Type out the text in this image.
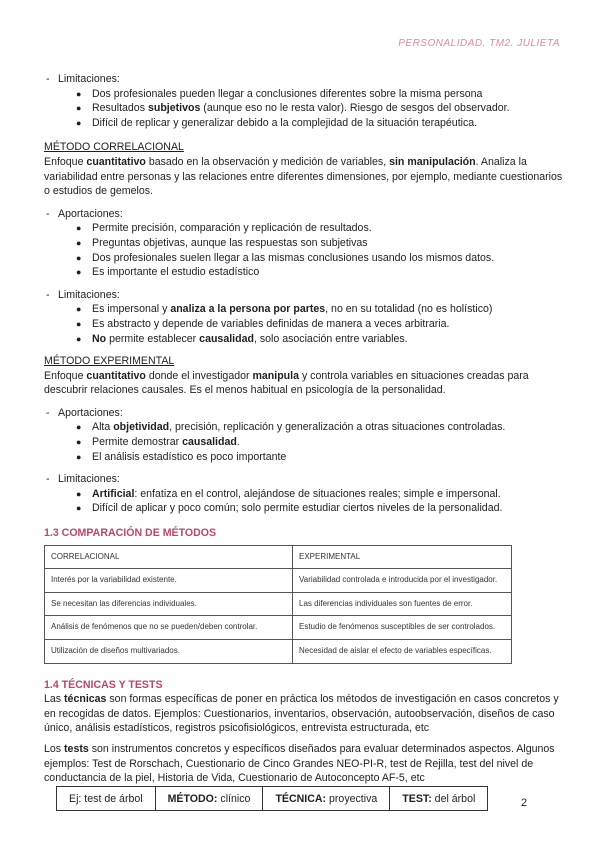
PERSONALIDAD. TM2. JULIETA
- Limitaciones:
● Dos profesionales pueden llegar a conclusiones diferentes sobre la misma persona
● Resultados subjetivos (aunque eso no le resta valor). Riesgo de sesgos del observador.
● Difícil de replicar y generalizar debido a la complejidad de la situación terapéutica.
MÉTODO CORRELACIONAL

Enfoque cuantitativo basado en la observación y medición de variables, sin manipulación. Analiza la variabilidad entre personas y las relaciones entre diferentes dimensiones, por ejemplo, mediante cuestionarios o estudios de gemelos.

- Aportaciones:
● Permite precisión, comparación y replicación de resultados.
● Preguntas objetivas, aunque las respuestas son subjetivas
● Dos profesionales suelen llegar a las mismas conclusiones usando los mismos datos.
● Es importante el estudio estadístico
- Limitaciones:
● Es impersonal y analiza a la persona por partes, no en su totalidad (no es holístico)
● Es abstracto y depende de variables definidas de manera a veces arbitraria.
● No permite establecer causalidad, solo asociación entre variables.
MÉTODO EXPERIMENTAL

Enfoque cuantitativo donde el investigador manipula y controla variables en situaciones creadas para descubrir relaciones causales. Es el menos habitual en psicología de la personalidad.

- Aportaciones:
● Alta objetividad, precisión, replicación y generalización a otras situaciones controladas.
● Permite demostrar causalidad.
● El análisis estadístico es poco importante
- Limitaciones:
● Artificial: enfatiza en el control, alejándose de situaciones reales; simple e impersonal.
● Difícil de aplicar y poco común; solo permite estudiar ciertos niveles de la personalidad.
1.3 COMPARACIÓN DE MÉTODOS
CORRELACIONAL	EXPERIMENTAL
Interés por la variabilidad existente.	Variabilidad controlada e introducida por el investigador.
Se necesitan las diferencias individuales.	Las diferencias individuales son fuentes de error.
Análisis de fenómenos que no se pueden/deben controlar.	Estudio de fenómenos susceptibles de ser controlados.
Utilización de diseños multivariados.	Necesidad de aislar el efecto de variables específicas.
1.4 TÉCNICAS Y TESTS

Las técnicas son formas específicas de poner en práctica los métodos de investigación en casos concretos y en recogidas de datos. Ejemplos: Cuestionarios, inventarios, observación, autoobservación, diseños de caso único, análisis estadísticos, registros psicofisiológicos, entrevista estructurada, etc

Los tests son instrumentos concretos y específicos diseñados para evaluar determinados aspectos. Algunos ejemplos: Test de Rorschach, Cuestionario de Cinco Grandes NEO-PI-R, test de Rejilla, test del nivel de conductancia de la piel, Historia de Vida, Cuestionario de Autoconcepto AF-5, etc

Ej: test de árbol	MÉTODO: clínico	TÉCNICA: proyectiva	TEST: del árbol	2
